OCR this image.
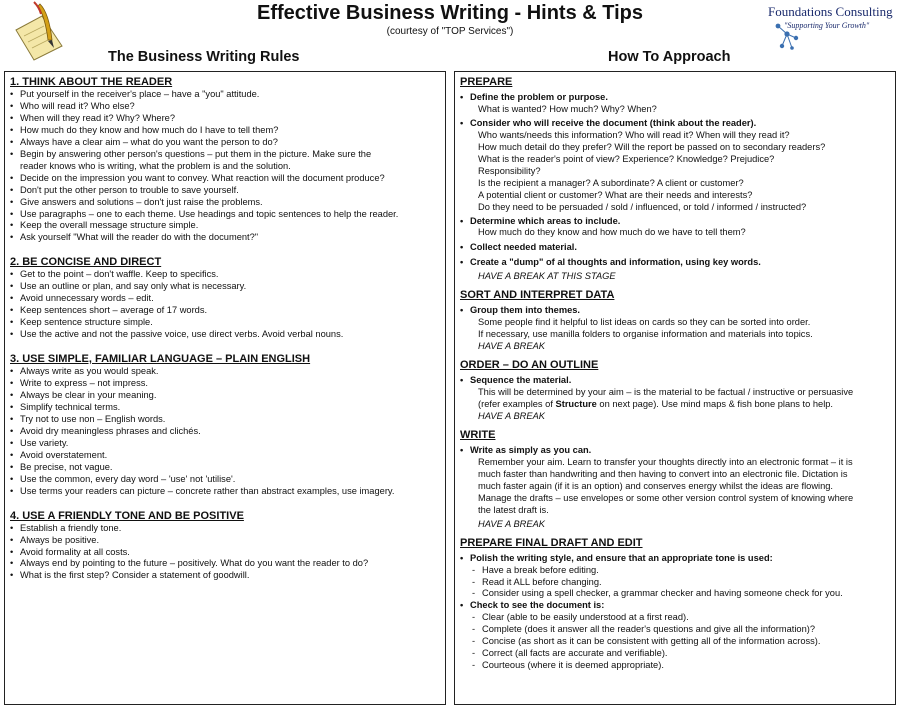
Effective Business Writing - Hints & Tips
(courtesy of "TOP Services")
Foundations Consulting
"Supporting Your Growth"
The Business Writing Rules	How To Approach
1. THINK ABOUT THE READER
• Put yourself in the receiver's place – have a "you" attitude.
• Who will read it? Who else?
• When will they read it? Why? Where?
• How much do they know and how much do I have to tell them?
• Always have a clear aim – what do you want the person to do?
• Begin by answering other person's questions – put them in the picture. Make sure the
reader knows who is writing, what the problem is and the solution.
• Decide on the impression you want to convey. What reaction will the document produce?
• Don't put the other person to trouble to save yourself.
• Give answers and solutions – don't just raise the problems.
• Use paragraphs – one to each theme. Use headings and topic sentences to help the reader.
• Keep the overall message structure simple.
• Ask yourself "What will the reader do with the document?"
2. BE CONCISE AND DIRECT
• Get to the point – don't waffle. Keep to specifics.
• Use an outline or plan, and say only what is necessary.
• Avoid unnecessary words – edit.
• Keep sentences short – average of 17 words.
• Keep sentence structure simple.
• Use the active and not the passive voice, use direct verbs. Avoid verbal nouns.
3. USE SIMPLE, FAMILIAR LANGUAGE – PLAIN ENGLISH
• Always write as you would speak.
• Write to express – not impress.
• Always be clear in your meaning.
• Simplify technical terms.
• Try not to use non – English words.
• Avoid dry meaningless phrases and clichés.
• Use variety.
• Avoid overstatement.
• Be precise, not vague.
• Use the common, every day word – 'use' not 'utilise'.
• Use terms your readers can picture – concrete rather than abstract examples, use imagery.
4. USE A FRIENDLY TONE AND BE POSITIVE
• Establish a friendly tone.
• Always be positive.
• Avoid formality at all costs.
• Always end by pointing to the future – positively. What do you want the reader to do?
• What is the first step? Consider a statement of goodwill.
PREPARE
• Define the problem or purpose.
What is wanted? How much? Why? When?
• Consider who will receive the document (think about the reader).
Who wants/needs this information? Who will read it? When will they read it?
How much detail do they prefer? Will the report be passed on to secondary readers?
What is the reader's point of view? Experience? Knowledge? Prejudice?
Responsibility?
Is the recipient a manager? A subordinate? A client or customer?
A potential client or customer? What are their needs and interests?
Do they need to be persuaded / sold / influenced, or told / informed / instructed?
• Determine which areas to include.
How much do they know and how much do we have to tell them?
• Collect needed material.
• Create a "dump" of al thoughts and information, using key words.
HAVE A BREAK AT THIS STAGE
SORT AND INTERPRET DATA
• Group them into themes.
Some people find it helpful to list ideas on cards so they can be sorted into order.
If necessary, use manilla folders to organise information and materials into topics.
HAVE A BREAK
ORDER – DO AN OUTLINE
• Sequence the material.
This will be determined by your aim – is the material to be factual / instructive or persuasive
(refer examples of Structure on next page). Use mind maps & fish bone plans to help.
HAVE A BREAK
WRITE
• Write as simply as you can.
Remember your aim. Learn to transfer your thoughts directly into an electronic format – it is
much faster than handwriting and then having to convert into an electronic file. Dictation is
much faster again (if it is an option) and conserves energy whilst the ideas are flowing.
Manage the drafts – use envelopes or some other version control system of knowing where
the latest draft is.
HAVE A BREAK
PREPARE FINAL DRAFT AND EDIT
• Polish the writing style, and ensure that an appropriate tone is used:
- Have a break before editing.
- Read it ALL before changing.
- Consider using a spell checker, a grammar checker and having someone check for you.
• Check to see the document is:
- Clear (able to be easily understood at a first read).
- Complete (does it answer all the reader's questions and give all the information)?
- Concise (as short as it can be consistent with getting all of the information across).
- Correct (all facts are accurate and verifiable).
- Courteous (where it is deemed appropriate).
